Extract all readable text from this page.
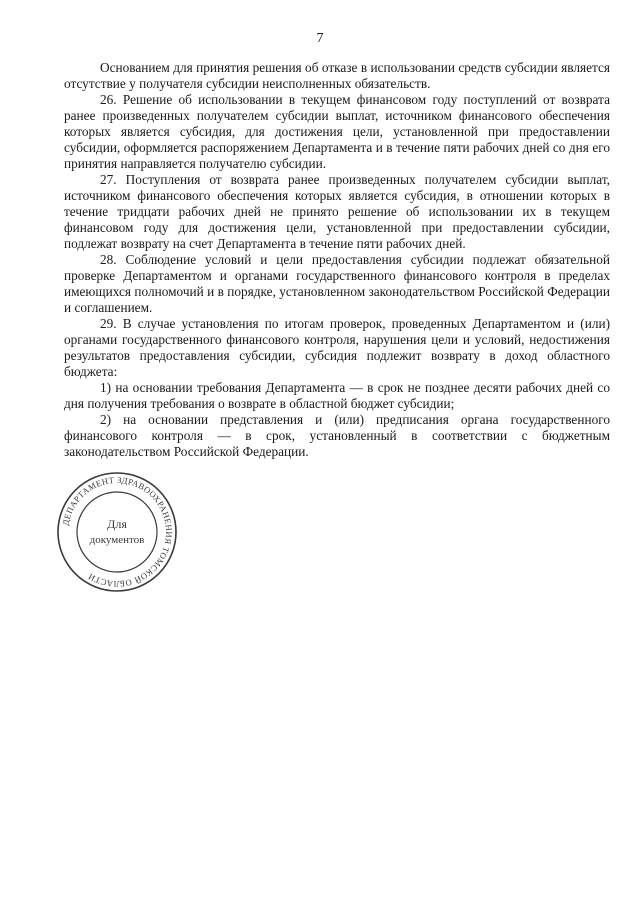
7

Основанием для принятия решения об отказе в использовании средств субсидии является отсутствие у получателя субсидии неисполненных обязательств.

26. Решение об использовании в текущем финансовом году поступлений от возврата ранее произведенных получателем субсидии выплат, источником финансового обеспечения которых является субсидия, для достижения цели, установленной при предоставлении субсидии, оформляется распоряжением Департамента и в течение пяти рабочих дней со дня его принятия направляется получателю субсидии.

27. Поступления от возврата ранее произведенных получателем субсидии выплат, источником финансового обеспечения которых является субсидия, в отношении которых в течение тридцати рабочих дней не принято решение об использовании их в текущем финансовом году для достижения цели, установленной при предоставлении субсидии, подлежат возврату на счет Департамента в течение пяти рабочих дней.

28. Соблюдение условий и цели предоставления субсидии подлежат обязательной проверке Департаментом и органами государственного финансового контроля в пределах имеющихся полномочий и в порядке, установленном законодательством Российской Федерации и соглашением.

29. В случае установления по итогам проверок, проведенных Департаментом и (или) органами государственного финансового контроля, нарушения цели и условий, недостижения результатов предоставления субсидии, субсидия подлежит возврату в доход областного бюджета:

1) на основании требования Департамента — в срок не позднее десяти рабочих дней со дня получения требования о возврате в областной бюджет субсидии;

2) на основании представления и (или) предписания органа государственного финансового контроля — в срок, установленный в соответствии с бюджетным законодательством Российской Федерации.

ДЕПАРТАМЕНТ ЗДРАВООХРАНЕНИЯ ТОМСКОЙ ОБЛАСТИ
Для
документов
